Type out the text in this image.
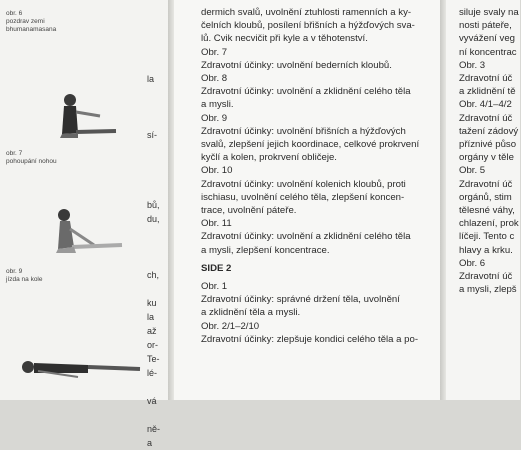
obr. 6
pozdrav zemi
bhumanamasana
obr. 7
pohoupání nohou
obr. 9
jízda na kole
la
sí-
bů,
du,
ch,
ku
la
až
or-
Te-
lé-
vá
ně-
a
dermich svalů, uvolnění ztuhlosti ramenních a ky-
čelních kloubů, posílení břišních a hýžďových sva-
lů. Cvik necvičit při kyle a v těhotenství.
Obr. 7
Zdravotní účinky: uvolnění bederních kloubů.
Obr. 8
Zdravotní účinky: uvolnění a zklidnění celého těla
a mysli.
Obr. 9
Zdravotní účinky: uvolnění břišních a hýžďových
svalů, zlepšení jejich koordinace, celkové prokrvení
kyčlí a kolen, prokrvení obličeje.
Obr. 10
Zdravotní účinky: uvolnění kolenich kloubů, proti
ischiasu, uvolnění celého těla, zlepšení koncen-
trace, uvolnění páteře.
Obr. 11
Zdravotní účinky: uvolnění a zklidnění celého těla
a mysli, zlepšení koncentrace.
SIDE 2
Obr. 1
Zdravotní účinky: správné držení těla, uvolnění
a zklidnění těla a mysli.
Obr. 2/1–2/10
Zdravotní účinky: zlepšuje kondici celého těla a po-
siluje svaly na
nosti páteře,
vyvážení veg
ní koncentrac
Obr. 3
Zdravotní úč
a zklidnění tě
Obr. 4/1–4/2
Zdravotní úč
tažení zádový
příznivé půso
orgány v těle
Obr. 5
Zdravotní úč
orgánů, stim
tělesné váhy,
chlazení, prok
líčeji. Tento c
hlavy a krku.
Obr. 6
Zdravotní úč
a mysli, zlepš
